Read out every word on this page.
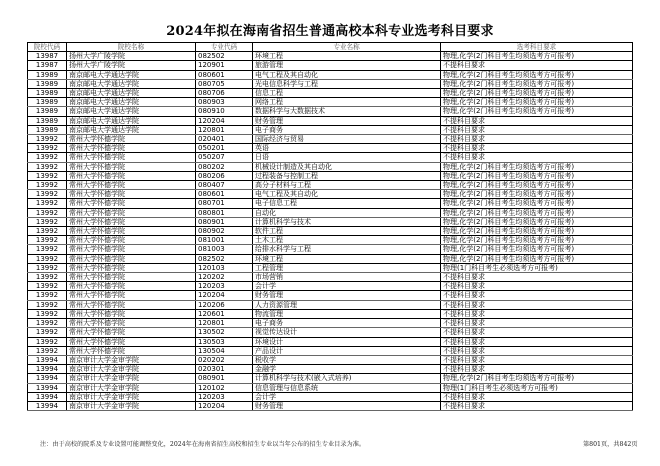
2024年拟在海南省招生普通高校本科专业选考科目要求
院校代码	院校名称	专业代码	专业名称	选考科目要求
13987	扬州大学广陵学院	082502	环境工程	物理,化学(2门科目考生均须选考方可报考)
13987	扬州大学广陵学院	120901	旅游管理	不提科目要求
13989	南京邮电大学通达学院	080601	电气工程及其自动化	物理,化学(2门科目考生均须选考方可报考)
13989	南京邮电大学通达学院	080705	光电信息科学与工程	物理,化学(2门科目考生均须选考方可报考)
13989	南京邮电大学通达学院	080706	信息工程	物理,化学(2门科目考生均须选考方可报考)
13989	南京邮电大学通达学院	080903	网络工程	物理,化学(2门科目考生均须选考方可报考)
13989	南京邮电大学通达学院	080910	数据科学与大数据技术	物理,化学(2门科目考生均须选考方可报考)
13989	南京邮电大学通达学院	120204	财务管理	不提科目要求
13989	南京邮电大学通达学院	120801	电子商务	不提科目要求
13992	常州大学怀德学院	020401	国际经济与贸易	不提科目要求
13992	常州大学怀德学院	050201	英语	不提科目要求
13992	常州大学怀德学院	050207	日语	不提科目要求
13992	常州大学怀德学院	080202	机械设计制造及其自动化	物理,化学(2门科目考生均须选考方可报考)
13992	常州大学怀德学院	080206	过程装备与控制工程	物理,化学(2门科目考生均须选考方可报考)
13992	常州大学怀德学院	080407	高分子材料与工程	物理,化学(2门科目考生均须选考方可报考)
13992	常州大学怀德学院	080601	电气工程及其自动化	物理,化学(2门科目考生均须选考方可报考)
13992	常州大学怀德学院	080701	电子信息工程	物理,化学(2门科目考生均须选考方可报考)
13992	常州大学怀德学院	080801	自动化	物理,化学(2门科目考生均须选考方可报考)
13992	常州大学怀德学院	080901	计算机科学与技术	物理,化学(2门科目考生均须选考方可报考)
13992	常州大学怀德学院	080902	软件工程	物理,化学(2门科目考生均须选考方可报考)
13992	常州大学怀德学院	081001	土木工程	物理,化学(2门科目考生均须选考方可报考)
13992	常州大学怀德学院	081003	给排水科学与工程	物理,化学(2门科目考生均须选考方可报考)
13992	常州大学怀德学院	082502	环境工程	物理,化学(2门科目考生均须选考方可报考)
13992	常州大学怀德学院	120103	工程管理	物理(1门科目考生必须选考方可报考)
13992	常州大学怀德学院	120202	市场营销	不提科目要求
13992	常州大学怀德学院	120203	会计学	不提科目要求
13992	常州大学怀德学院	120204	财务管理	不提科目要求
13992	常州大学怀德学院	120206	人力资源管理	不提科目要求
13992	常州大学怀德学院	120601	物流管理	不提科目要求
13992	常州大学怀德学院	120801	电子商务	不提科目要求
13992	常州大学怀德学院	130502	视觉传达设计	不提科目要求
13992	常州大学怀德学院	130503	环境设计	不提科目要求
13992	常州大学怀德学院	130504	产品设计	不提科目要求
13994	南京审计大学金审学院	020202	税收学	不提科目要求
13994	南京审计大学金审学院	020301	金融学	不提科目要求
13994	南京审计大学金审学院	080901	计算机科学与技术(嵌入式培养)	物理,化学(2门科目考生均须选考方可报考)
13994	南京审计大学金审学院	120102	信息管理与信息系统	物理(1门科目考生必须选考方可报考)
13994	南京审计大学金审学院	120203	会计学	不提科目要求
13994	南京审计大学金审学院	120204	财务管理	不提科目要求
注：由于高校的院系及专业设置可能调整变化，2024年在海南省招生高校和招生专业以当年公布的招生专业目录为准。	第801页，共842页
